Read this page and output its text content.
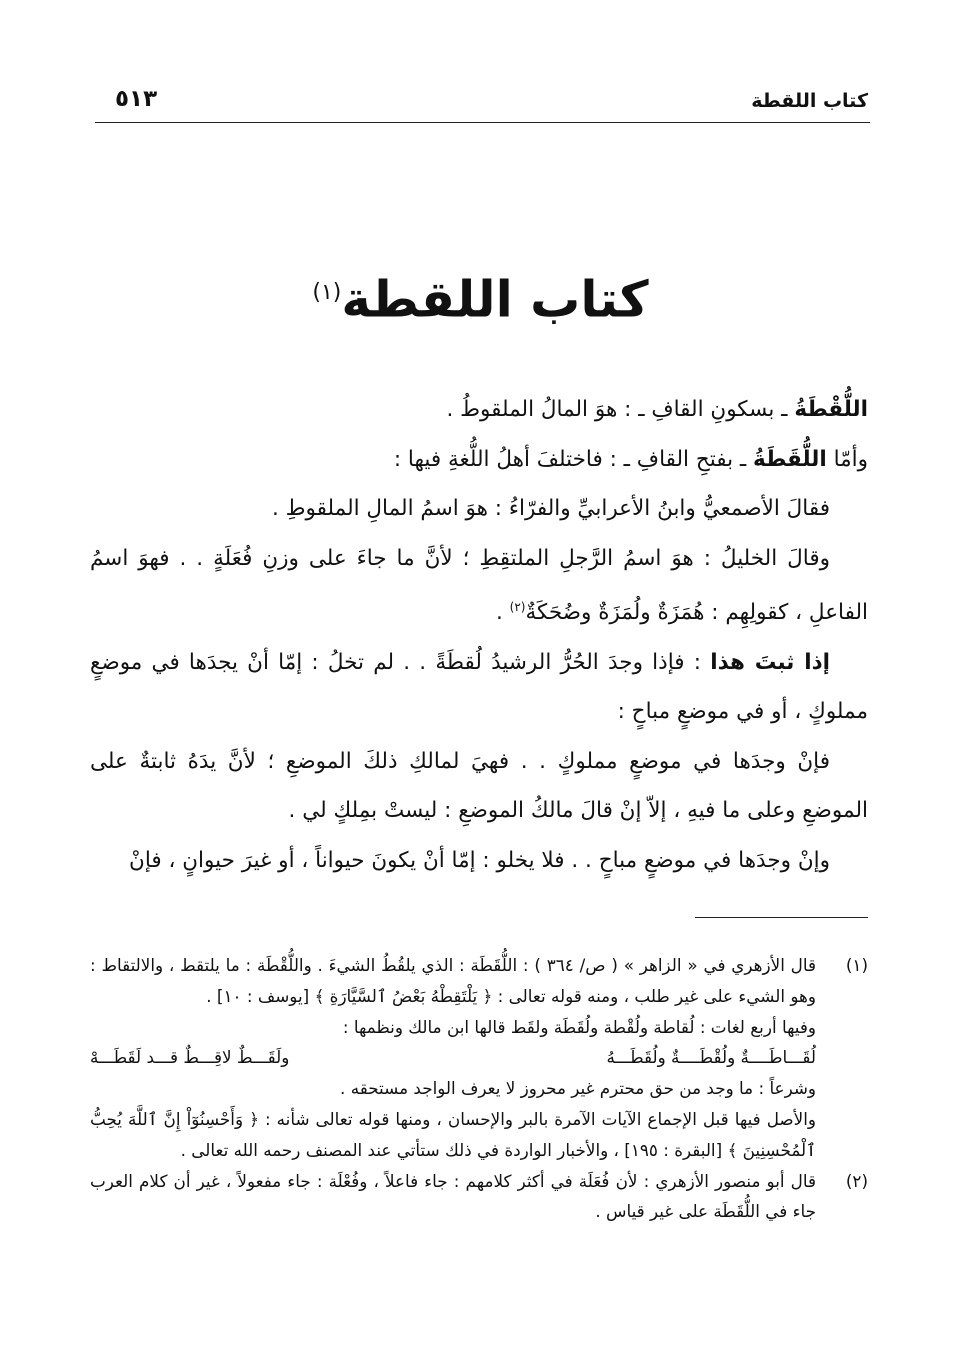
كتاب اللقطة
٥١٣
كتاب اللقطة$^{(١)}$

اللُّقْطَةُ ـ بسكونِ القافِ ـ : هوَ المالُ الملقوطُ .

وأمّا اللُّقَطَةُ ـ بفتحِ القافِ ـ : فاختلفَ أهلُ اللُّغةِ فيها :

فقالَ الأصمعيُّ وابنُ الأعرابيِّ والفرّاءُ : هوَ اسمُ المالِ الملقوطِ .

وقالَ الخليلُ : هوَ اسمُ الرَّجلِ الملتقِطِ ؛ لأنَّ ما جاءَ على وزنِ فُعَلَةٍ . . فهوَ اسمُ الفاعلِ ، كقولِهِم : هُمَزَةٌ ولُمَزَةٌ وضُحَكَةٌ$^{(٢)}$ .

إذا ثبتَ هذا : فإذا وجدَ الحُرُّ الرشيدُ لُقطَةً . . لم تخلُ : إمّا أنْ يجدَها في موضعٍ مملوكٍ ، أو في موضعٍ مباحٍ :

فإنْ وجدَها في موضعٍ مملوكٍ . . فهيَ لمالكِ ذلكَ الموضعِ ؛ لأنَّ يدَهُ ثابتةٌ على الموضعِ وعلى ما فيهِ ، إلاّ إنْ قالَ مالكُ الموضعِ : ليستْ بمِلكٍ لي .

وإنْ وجدَها في موضعٍ مباحٍ . . فلا يخلو : إمّا أنْ يكونَ حيواناً ، أو غيرَ حيوانٍ ، فإنْ

(١)

قال الأزهري في « الزاهر » ( ص/ ٣٦٤ ) : اللُّقَطَة : الذي يلقُطُ الشيءَ . واللُّقْطَة : ما يلتقط ، والالتقاط : وهو الشيء على غير طلب ، ومنه قوله تعالى : ﴿ يَلْتَقِطْهُ بَعْضُ ٱلسَّيَّارَةِ ﴾ [يوسف : ١٠] .

وفيها أربع لغات : لُقاطة ولُقْطة ولُقَطَة ولقَط قالها ابن مالك ونظمها :

لُقَـــاطَــــةٌ ولُقْطَــــةٌ ولُقَطَـــهُ
ولَقَـــطٌ لاقِـــطٌ قـــد لَقَطَـــهْ

وشرعاً : ما وجد من حق محترم غير محروز لا يعرف الواجد مستحقه .

والأصل فيها قبل الإجماع الآيات الآمرة بالبر والإحسان ، ومنها قوله تعالى شأنه : ﴿ وَأَحْسِنُوٓاْ إِنَّ ٱللَّهَ يُحِبُّ ٱلْمُحْسِنِينَ ﴾ [البقرة : ١٩٥] ، والأخبار الواردة في ذلك ستأتي عند المصنف رحمه الله تعالى .

(٢)

قال أبو منصور الأزهري : لأن فُعَلَة في أكثر كلامهم : جاء فاعلاً ، وفُعْلَة : جاء مفعولاً ، غير أن كلام العرب جاء في اللُّقَطَة على غير قياس .
